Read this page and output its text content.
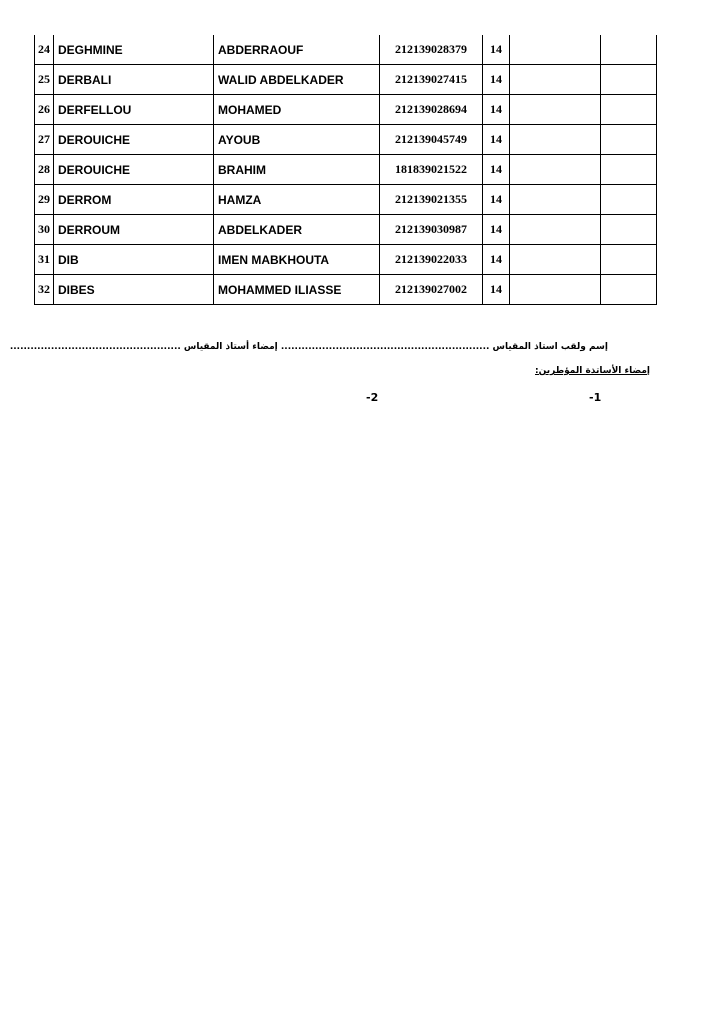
24	DEGHMINE	ABDERRAOUF	212139028379	14		
25	DERBALI	WALID ABDELKADER	212139027415	14		
26	DERFELLOU	MOHAMED	212139028694	14		
27	DEROUICHE	AYOUB	212139045749	14		
28	DEROUICHE	BRAHIM	181839021522	14		
29	DERROM	HAMZA	212139021355	14		
30	DERROUM	ABDELKADER	212139030987	14		
31	DIB	IMEN MABKHOUTA	212139022033	14		
32	DIBES	MOHAMMED ILIASSE	212139027002	14		
إسم ولقب استاذ المقياس ............................................................. إمضاء أستاذ المقياس ..................................................
إمضاء الأساتذة المؤطرين:
-1
-2
